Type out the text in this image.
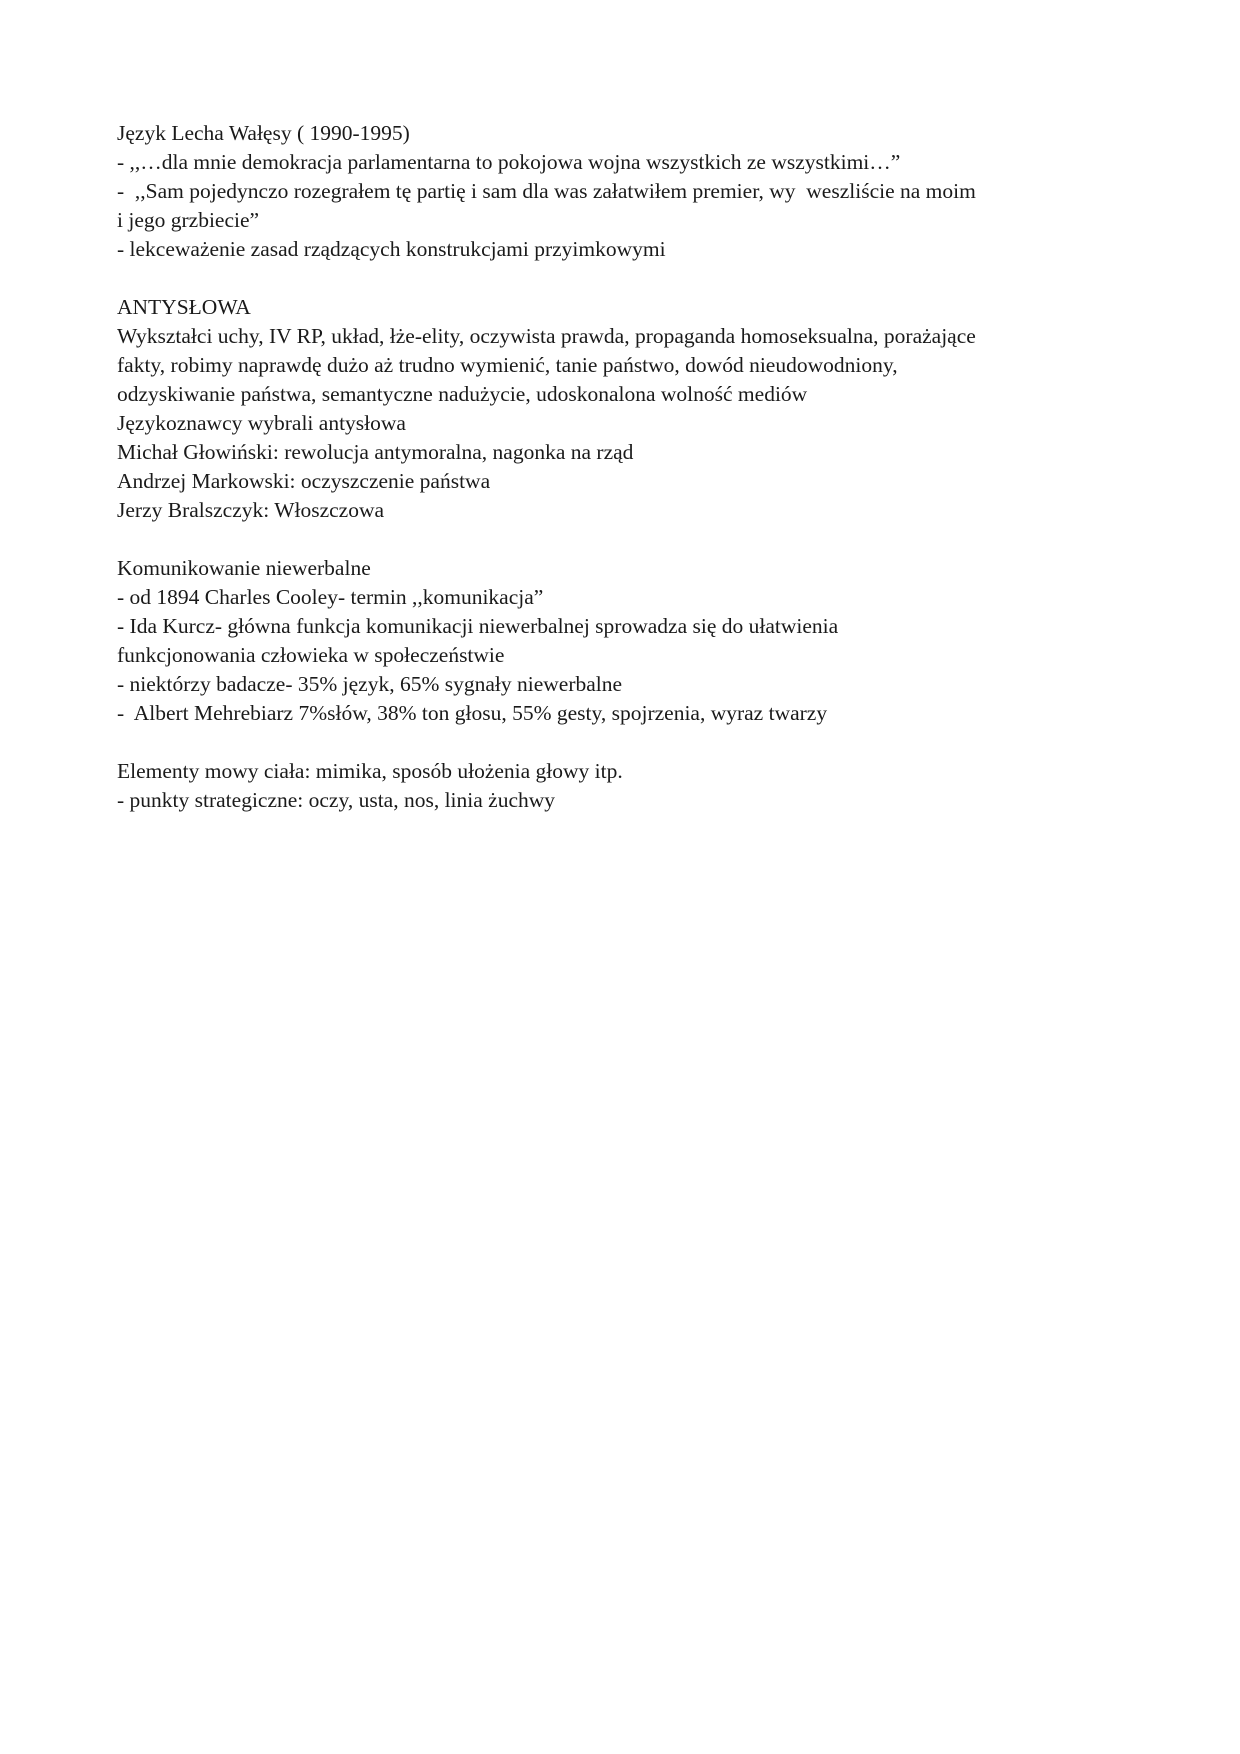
Język Lecha Wałęsy ( 1990-1995)
- ,,…dla mnie demokracja parlamentarna to pokojowa wojna wszystkich ze wszystkimi…”
-  ,,Sam pojedynczo rozegrałem tę partię i sam dla was załatwiłem premier, wy  weszliście na moim
i jego grzbiecie”
- lekceważenie zasad rządzących konstrukcjami przyimkowymi
ANTYSŁOWA
Wykształci uchy, IV RP, układ, łże-elity, oczywista prawda, propaganda homoseksualna, porażające
fakty, robimy naprawdę dużo aż trudno wymienić, tanie państwo, dowód nieudowodniony,
odzyskiwanie państwa, semantyczne nadużycie, udoskonalona wolność mediów
Językoznawcy wybrali antysłowa
Michał Głowiński: rewolucja antymoralna, nagonka na rząd
Andrzej Markowski: oczyszczenie państwa
Jerzy Bralszczyk: Włoszczowa
Komunikowanie niewerbalne
- od 1894 Charles Cooley- termin ,,komunikacja”
- Ida Kurcz- główna funkcja komunikacji niewerbalnej sprowadza się do ułatwienia
funkcjonowania człowieka w społeczeństwie
- niektórzy badacze- 35% język, 65% sygnały niewerbalne
-  Albert Mehrebiarz 7%słów, 38% ton głosu, 55% gesty, spojrzenia, wyraz twarzy
Elementy mowy ciała: mimika, sposób ułożenia głowy itp.
- punkty strategiczne: oczy, usta, nos, linia żuchwy
